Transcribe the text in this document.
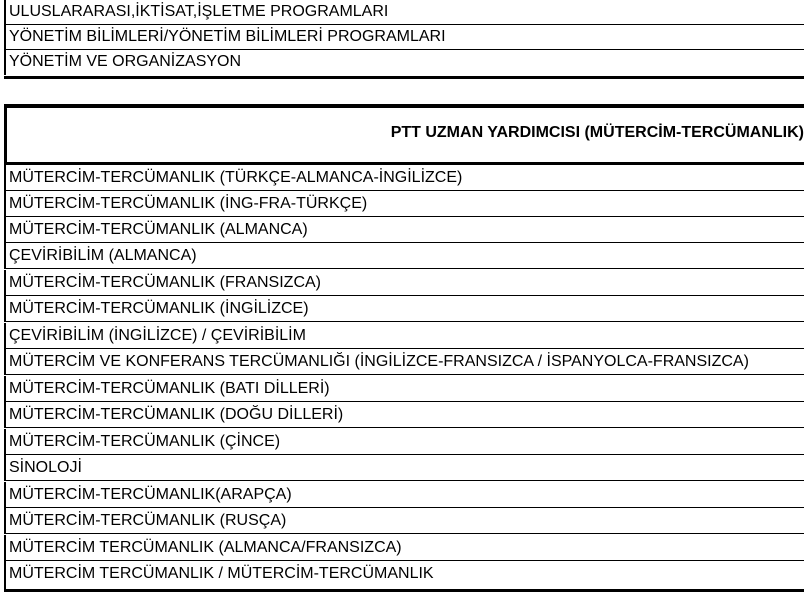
ULUSLARARASI,İKTİSAT,İŞLETME PROGRAMLARI
YÖNETİM BİLİMLERİ/YÖNETİM BİLİMLERİ PROGRAMLARI
YÖNETİM VE ORGANİZASYON
PTT UZMAN YARDIMCISI (MÜTERCİM-TERCÜMANLIK)
MÜTERCİM-TERCÜMANLIK (TÜRKÇE-ALMANCA-İNGİLİZCE)
MÜTERCİM-TERCÜMANLIK (İNG-FRA-TÜRKÇE)
MÜTERCİM-TERCÜMANLIK (ALMANCA)
ÇEVİRİBİLİM (ALMANCA)
MÜTERCİM-TERCÜMANLIK (FRANSIZCA)
MÜTERCİM-TERCÜMANLIK (İNGİLİZCE)
ÇEVİRİBİLİM (İNGİLİZCE) / ÇEVİRİBİLİM
MÜTERCİM VE KONFERANS TERCÜMANLIĞI (İNGİLİZCE-FRANSIZCA / İSPANYOLCA-FRANSIZCA)
MÜTERCİM-TERCÜMANLIK (BATI DİLLERİ)
MÜTERCİM-TERCÜMANLIK (DOĞU DİLLERİ)
MÜTERCİM-TERCÜMANLIK (ÇİNCE)
SİNOLOJİ
MÜTERCİM-TERCÜMANLIK(ARAPÇA)
MÜTERCİM-TERCÜMANLIK (RUSÇA)
MÜTERCİM TERCÜMANLIK (ALMANCA/FRANSIZCA)
MÜTERCİM TERCÜMANLIK / MÜTERCİM-TERCÜMANLIK
